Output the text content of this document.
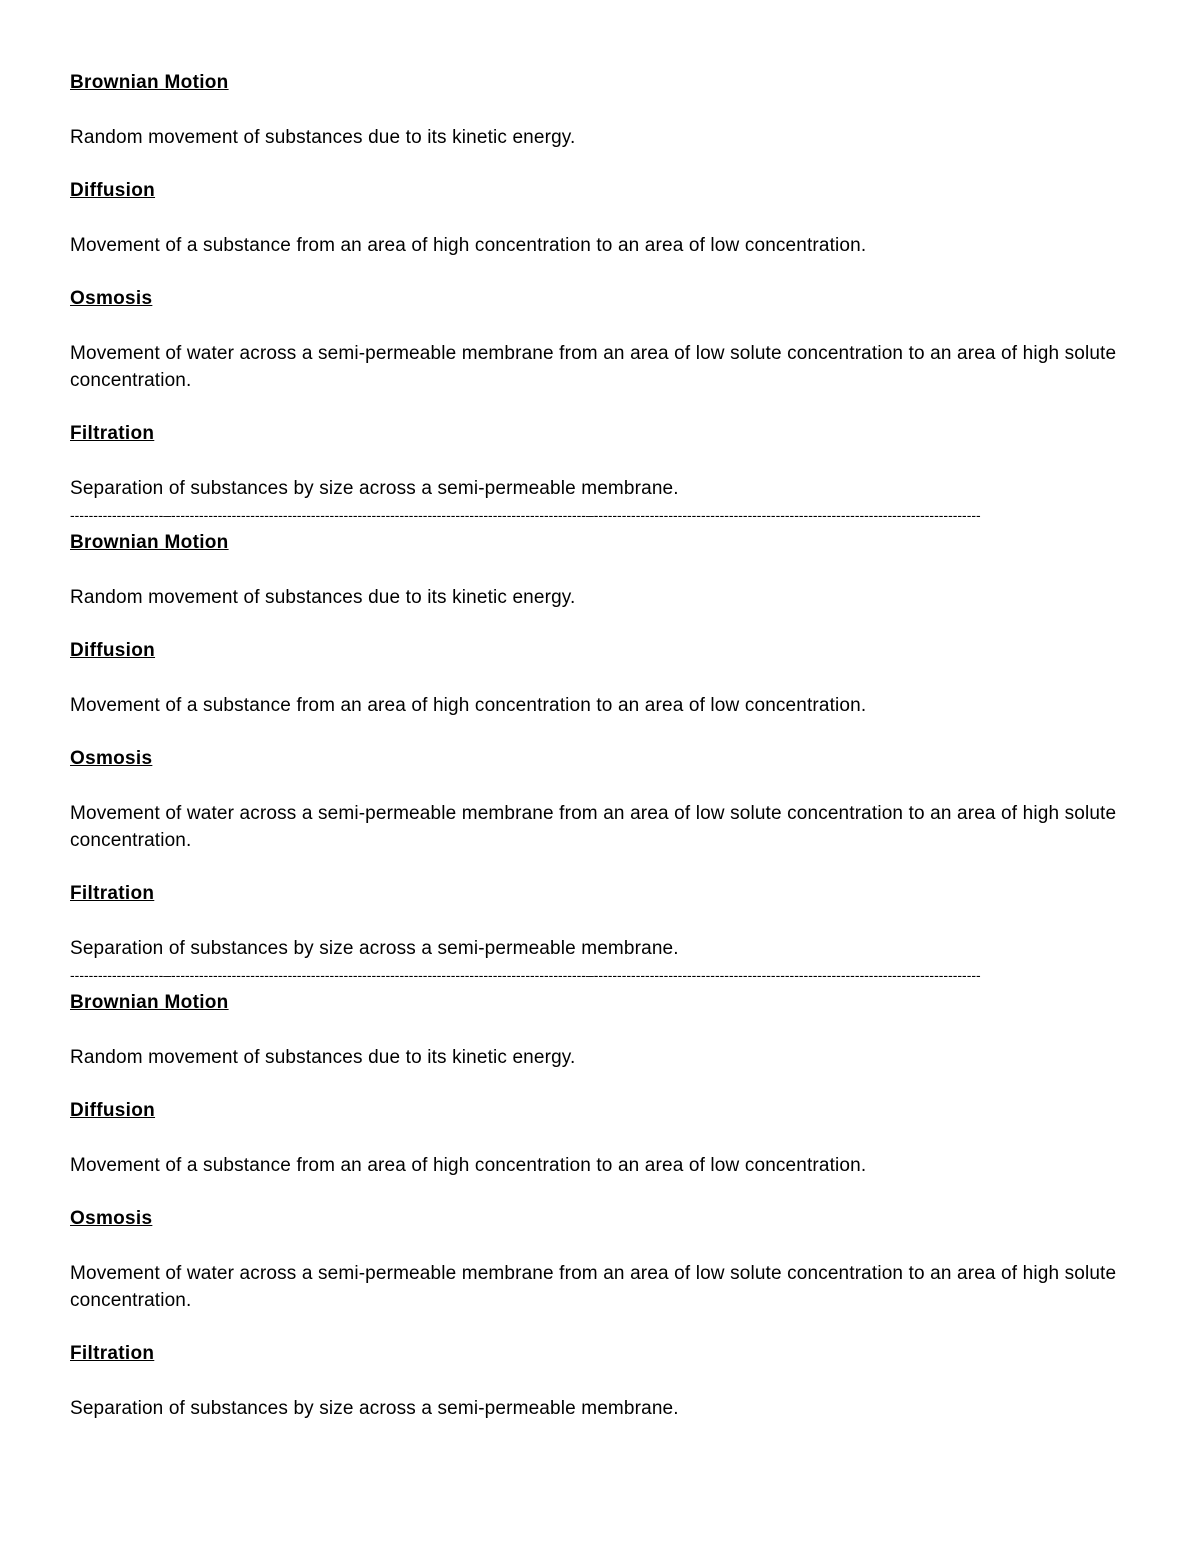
Brownian Motion
Random movement of substances due to its kinetic energy.
Diffusion
Movement of a substance from an area of high concentration to an area of low concentration.
Osmosis
Movement of water across a semi-permeable membrane from an area of low solute concentration to an area of high solute concentration.
Filtration
Separation of substances by size across a semi-permeable membrane.
--------------------–-----------------------------------------------------------------------------------------–-----------------------------------------------------------------------------------
Brownian Motion
Random movement of substances due to its kinetic energy.
Diffusion
Movement of a substance from an area of high concentration to an area of low concentration.
Osmosis
Movement of water across a semi-permeable membrane from an area of low solute concentration to an area of high solute concentration.
Filtration
Separation of substances by size across a semi-permeable membrane.
--------------------–-----------------------------------------------------------------------------------------–-----------------------------------------------------------------------------------
Brownian Motion
Random movement of substances due to its kinetic energy.
Diffusion
Movement of a substance from an area of high concentration to an area of low concentration.
Osmosis
Movement of water across a semi-permeable membrane from an area of low solute concentration to an area of high solute concentration.
Filtration
Separation of substances by size across a semi-permeable membrane.
